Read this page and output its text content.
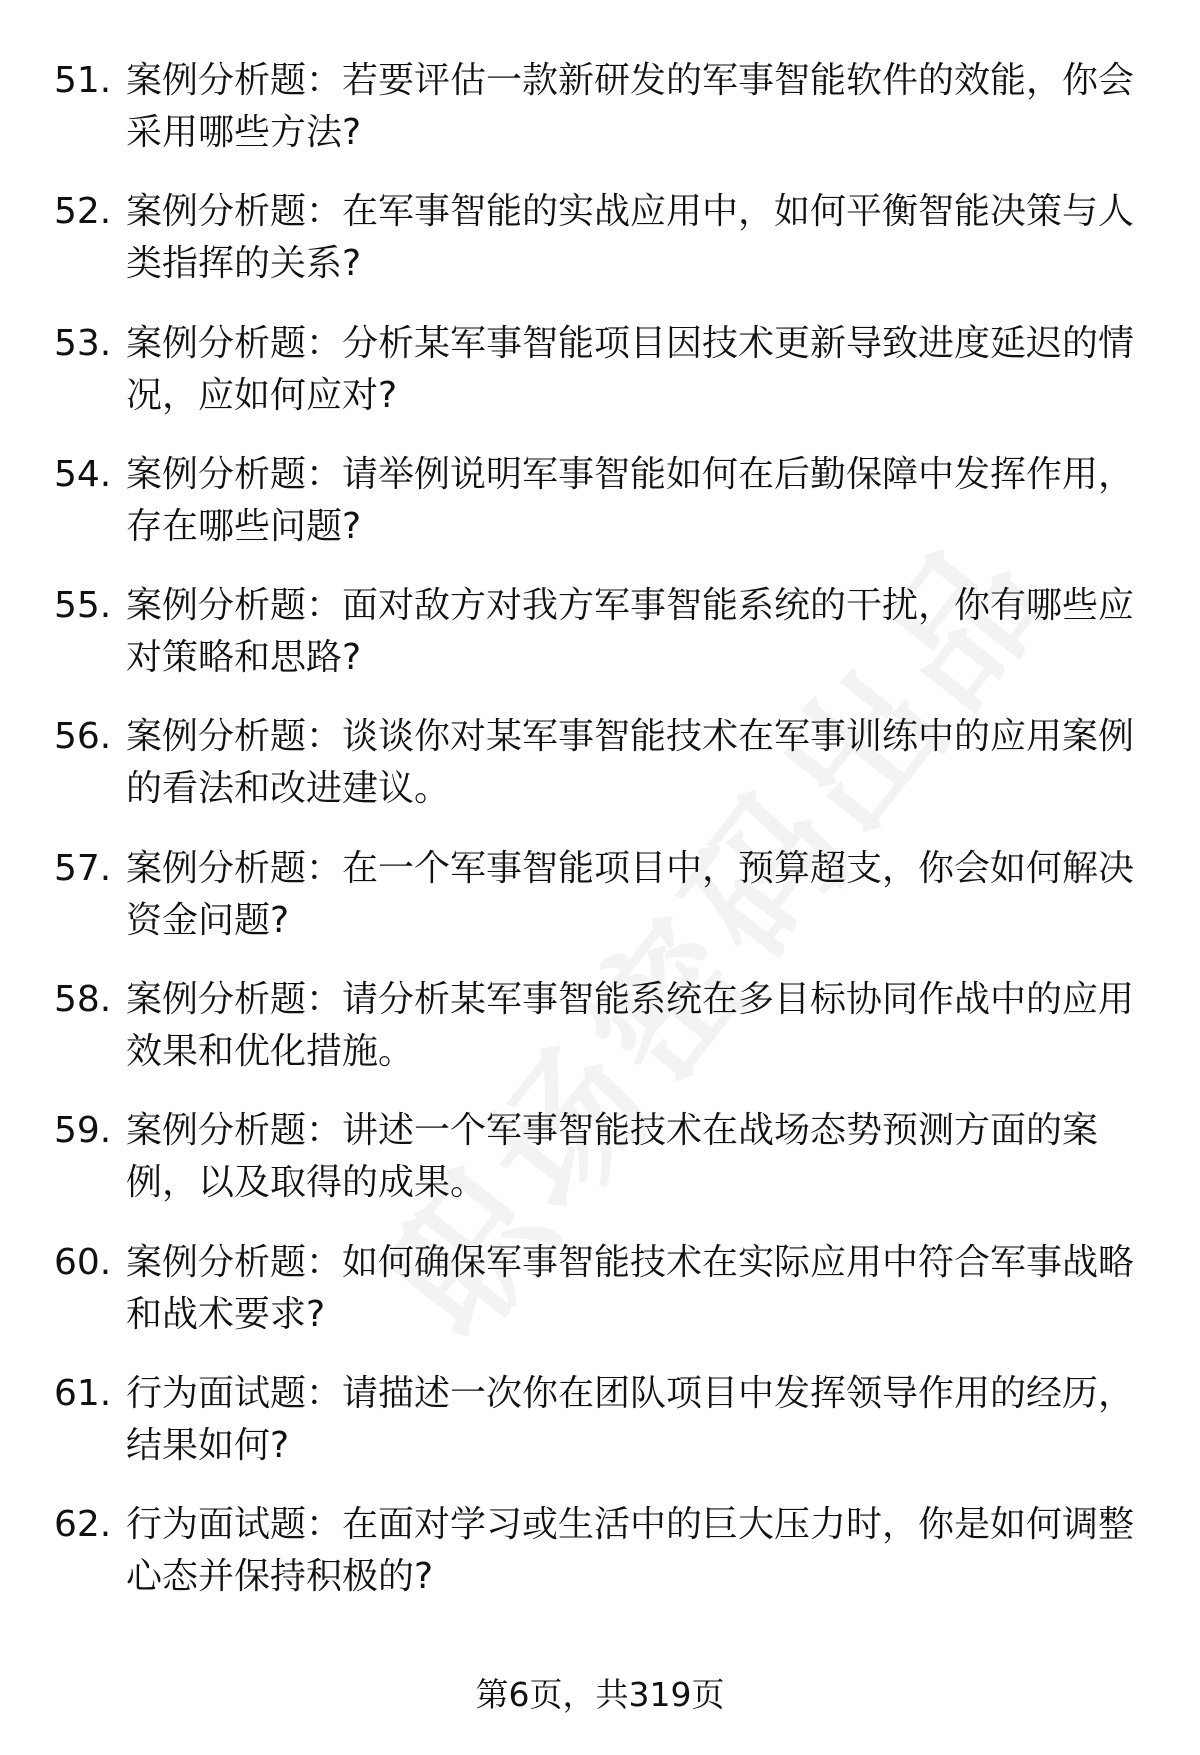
51. 案例分析题：若要评估一款新研发的军事智能软件的效能，你会采用哪些方法?
52. 案例分析题：在军事智能的实战应用中，如何平衡智能决策与人类指挥的关系?
53. 案例分析题：分析某军事智能项目因技术更新导致进度延迟的情况，应如何应对?
54. 案例分析题：请举例说明军事智能如何在后勤保障中发挥作用，存在哪些问题?
55. 案例分析题：面对敌方对我方军事智能系统的干扰，你有哪些应对策略和思路?
56. 案例分析题：谈谈你对某军事智能技术在军事训练中的应用案例的看法和改进建议。
57. 案例分析题：在一个军事智能项目中，预算超支，你会如何解决资金问题?
58. 案例分析题：请分析某军事智能系统在多目标协同作战中的应用效果和优化措施。
59. 案例分析题：讲述一个军事智能技术在战场态势预测方面的案例，以及取得的成果。
60. 案例分析题：如何确保军事智能技术在实际应用中符合军事战略和战术要求?
61. 行为面试题：请描述一次你在团队项目中发挥领导作用的经历，结果如何?
62. 行为面试题：在面对学习或生活中的巨大压力时，你是如何调整心态并保持积极的?
第6页，共319页
